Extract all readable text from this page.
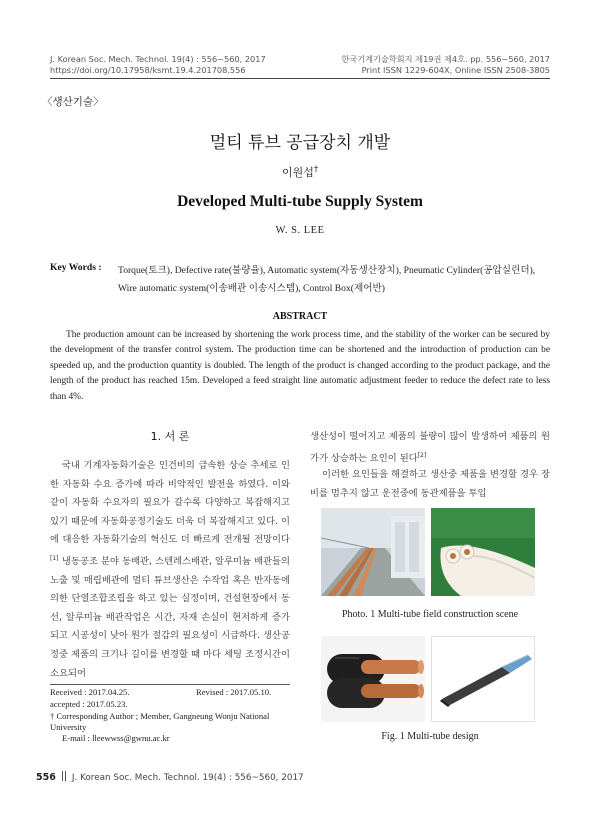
J. Korean Soc. Mech. Technol. 19(4) : 556~560, 2017	한국기계기술학회지 제19권 제4호. pp. 556~560, 2017
https://doi.org/10.17958/ksmt.19.4.201708.556	Print ISSN 1229-604X, Online ISSN 2508-3805
〈생산기술〉
멀티 튜브 공급장치 개발
이원섭†
Developed Multi-tube Supply System
W. S. LEE
Key Words : Torque(토크), Defective rate(불량율), Automatic system(자동생산장치), Pneumatic Cylinder(공압실린더),
Wire automatic system(이송배관 이송시스템), Control Box(제어반)
ABSTRACT
The production amount can be increased by shortening the work process time, and the stability of the worker can be secured by the development of the transfer control system. The production time can be shortened and the introduction of production can be speeded up, and the production quantity is doubled. The length of the product is changed according to the product package, and the length of the product has reached 15m. Developed a feed straight line automatic adjustment feeder to reduce the defect rate to less than 4%.
1. 서 론
국내 기계자동화기술은 인건비의 급속한 상승 추세로 인한 자동화 수요 증가에 따라 비약적인 발전을 하였다. 이와 같이 자동화 수요자의 필요가 갈수록 다양하고 복잡해지고 있기 때문에 자동화공정기술도 더욱 더 복잡해지고 있다. 이에 대응한 자동화기술의 혁신도 더 빠르게 전개될 전망이다[1] 냉동공조 분야 동배관, 스텐레스배관, 알루미늄 배관들의 노출 및 매립배관에 멀티 튜브생산은 수작업 혹은 반자동에 의한 단열조합조립을 하고 있는 실정이며, 건설현장에서 동선, 알루미늄 배관작업은 시간, 자재 손실이 현저하게 증가되고 시공성이 낮아 원가 절감의 필요성이 시급하다. 생산공정중 제품의 크기나 길이를 변경할 때 마다 세팅 조정시간이 소요되어
Received : 2017.04.25.	Revised : 2017.05.10.
accepted : 2017.05.23.
† Corresponding Author ; Member, Gangneung Wonju National University
E-mail : lleewwss@gwnu.ac.kr
생산성이 떨어지고 제품의 불량이 많이 발생하여 제품의 원가가 상승하는 요인이 된다[2]
이러한 요인들을 해결하고 생산중 제품을 변경할 경우 장비를 멈추지 않고 운전중에 동관제품을 투입
Photo. 1 Multi-tube field construction scene
Fig. 1 Multi-tube design
556 J. Korean Soc. Mech. Technol. 19(4) : 556~560, 2017
